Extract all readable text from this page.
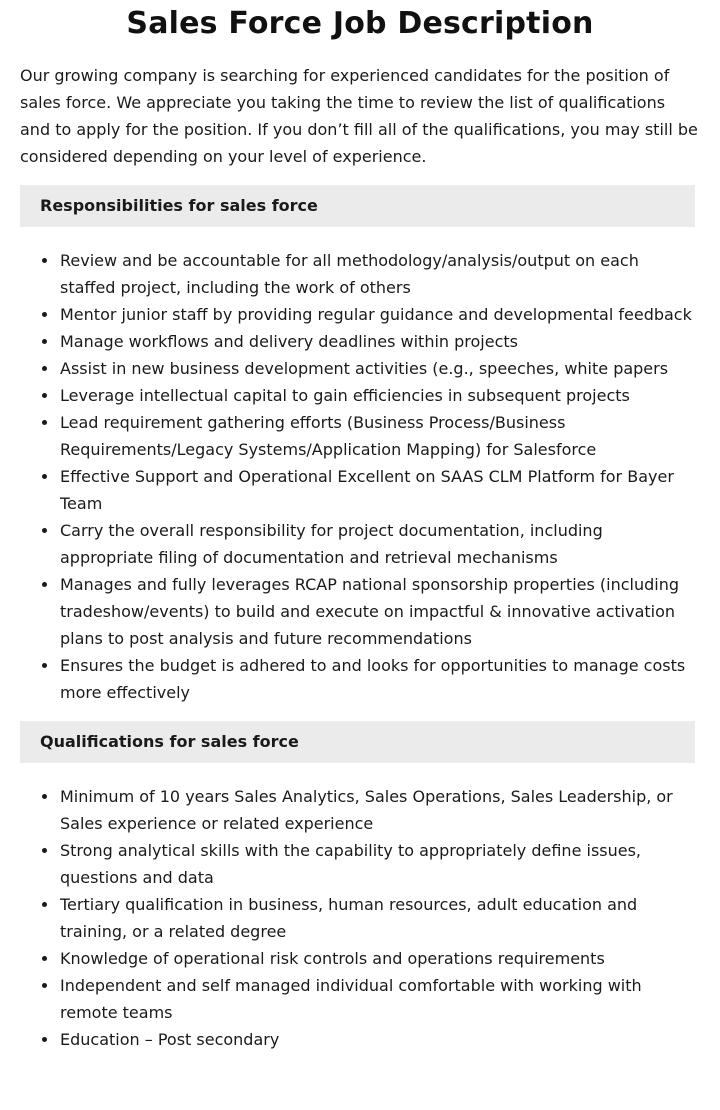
Sales Force Job Description

Our growing company is searching for experienced candidates for the position of sales force. We appreciate you taking the time to review the list of qualifications and to apply for the position. If you don’t fill all of the qualifications, you may still be considered depending on your level of experience.

Responsibilities for sales force
Review and be accountable for all methodology/analysis/output on each staffed project, including the work of others
Mentor junior staff by providing regular guidance and developmental feedback
Manage workflows and delivery deadlines within projects
Assist in new business development activities (e.g., speeches, white papers
Leverage intellectual capital to gain efficiencies in subsequent projects
Lead requirement gathering efforts (Business Process/Business Requirements/Legacy Systems/Application Mapping) for Salesforce
Effective Support and Operational Excellent on SAAS CLM Platform for Bayer Team
Carry the overall responsibility for project documentation, including appropriate filing of documentation and retrieval mechanisms
Manages and fully leverages RCAP national sponsorship properties (including tradeshow/events) to build and execute on impactful & innovative activation plans to post analysis and future recommendations
Ensures the budget is adhered to and looks for opportunities to manage costs more effectively
Qualifications for sales force
Minimum of 10 years Sales Analytics, Sales Operations, Sales Leadership, or Sales experience or related experience
Strong analytical skills with the capability to appropriately define issues, questions and data
Tertiary qualification in business, human resources, adult education and training, or a related degree
Knowledge of operational risk controls and operations requirements
Independent and self managed individual comfortable with working with remote teams
Education – Post secondary
